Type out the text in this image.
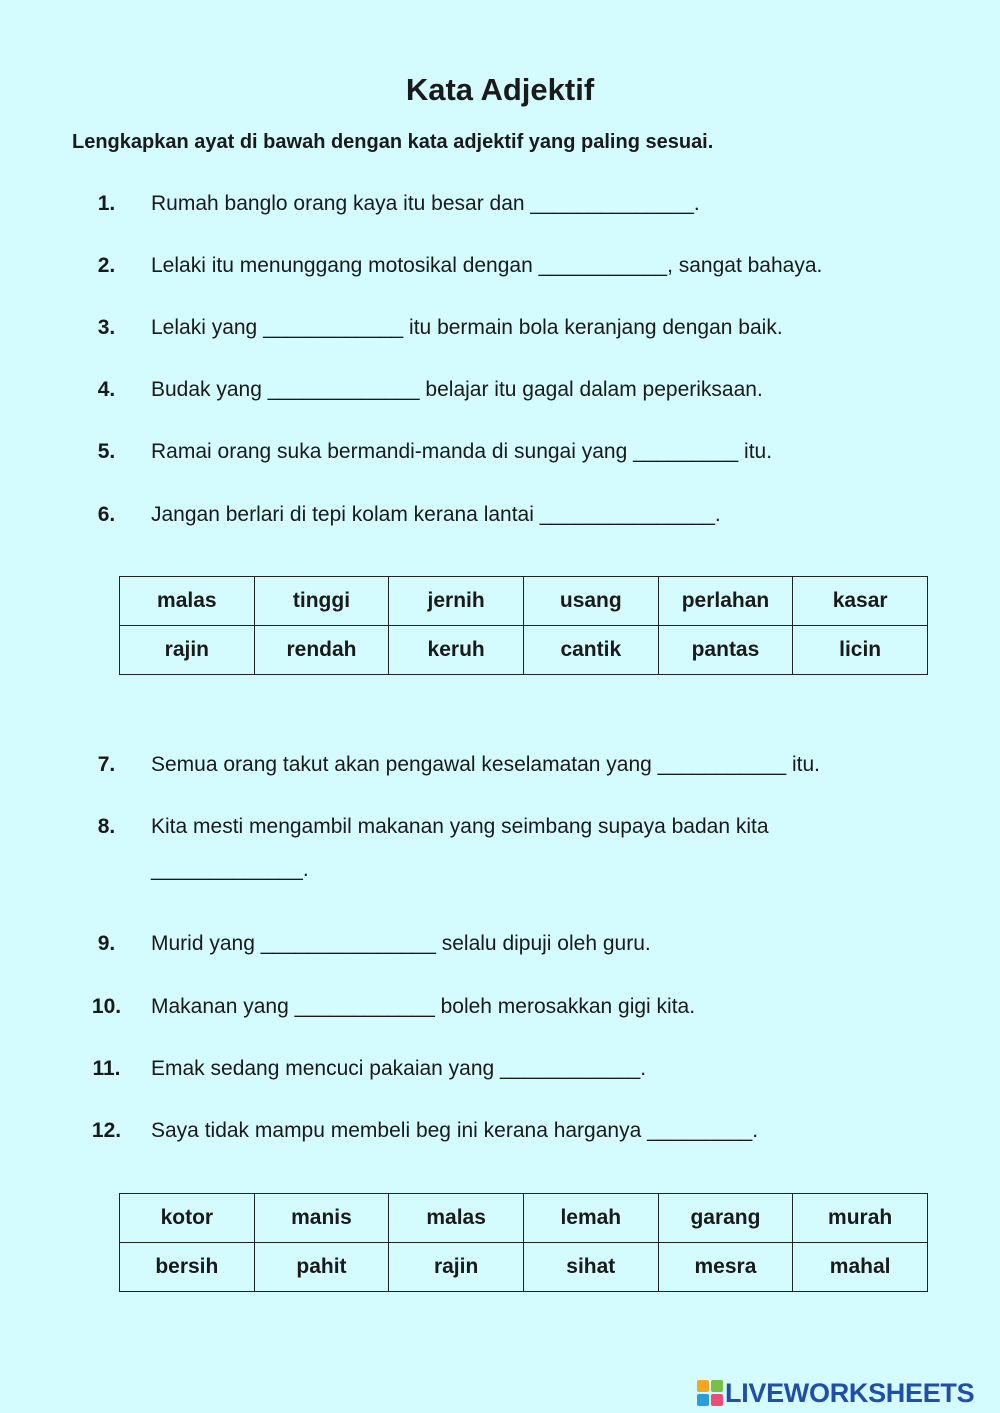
Kata Adjektif
Lengkapkan ayat di bawah dengan kata adjektif yang paling sesuai.
1.	Rumah banglo orang kaya itu besar dan ______________.
2.	Lelaki itu menunggang motosikal dengan ___________, sangat bahaya.
3.	Lelaki yang ____________ itu bermain bola keranjang dengan baik.
4.	Budak yang _____________ belajar itu gagal dalam peperiksaan.
5.	Ramai orang suka bermandi-manda di sungai yang _________ itu.
6.	Jangan berlari di tepi kolam kerana lantai _______________.
malas	tinggi	jernih	usang	perlahan	kasar
rajin	rendah	keruh	cantik	pantas	licin
7.	Semua orang takut akan pengawal keselamatan yang ___________ itu.
8.	Kita mesti mengambil makanan yang seimbang supaya badan kita
_____________.
9.	Murid yang _______________ selalu dipuji oleh guru.
10. Makanan yang ____________ boleh merosakkan gigi kita.
11. Emak sedang mencuci pakaian yang ____________.
12. Saya tidak mampu membeli beg ini kerana harganya _________.
kotor	manis	malas	lemah	garang	murah
bersih	pahit	rajin	sihat	mesra	mahal
LIVEWORKSHEETS
